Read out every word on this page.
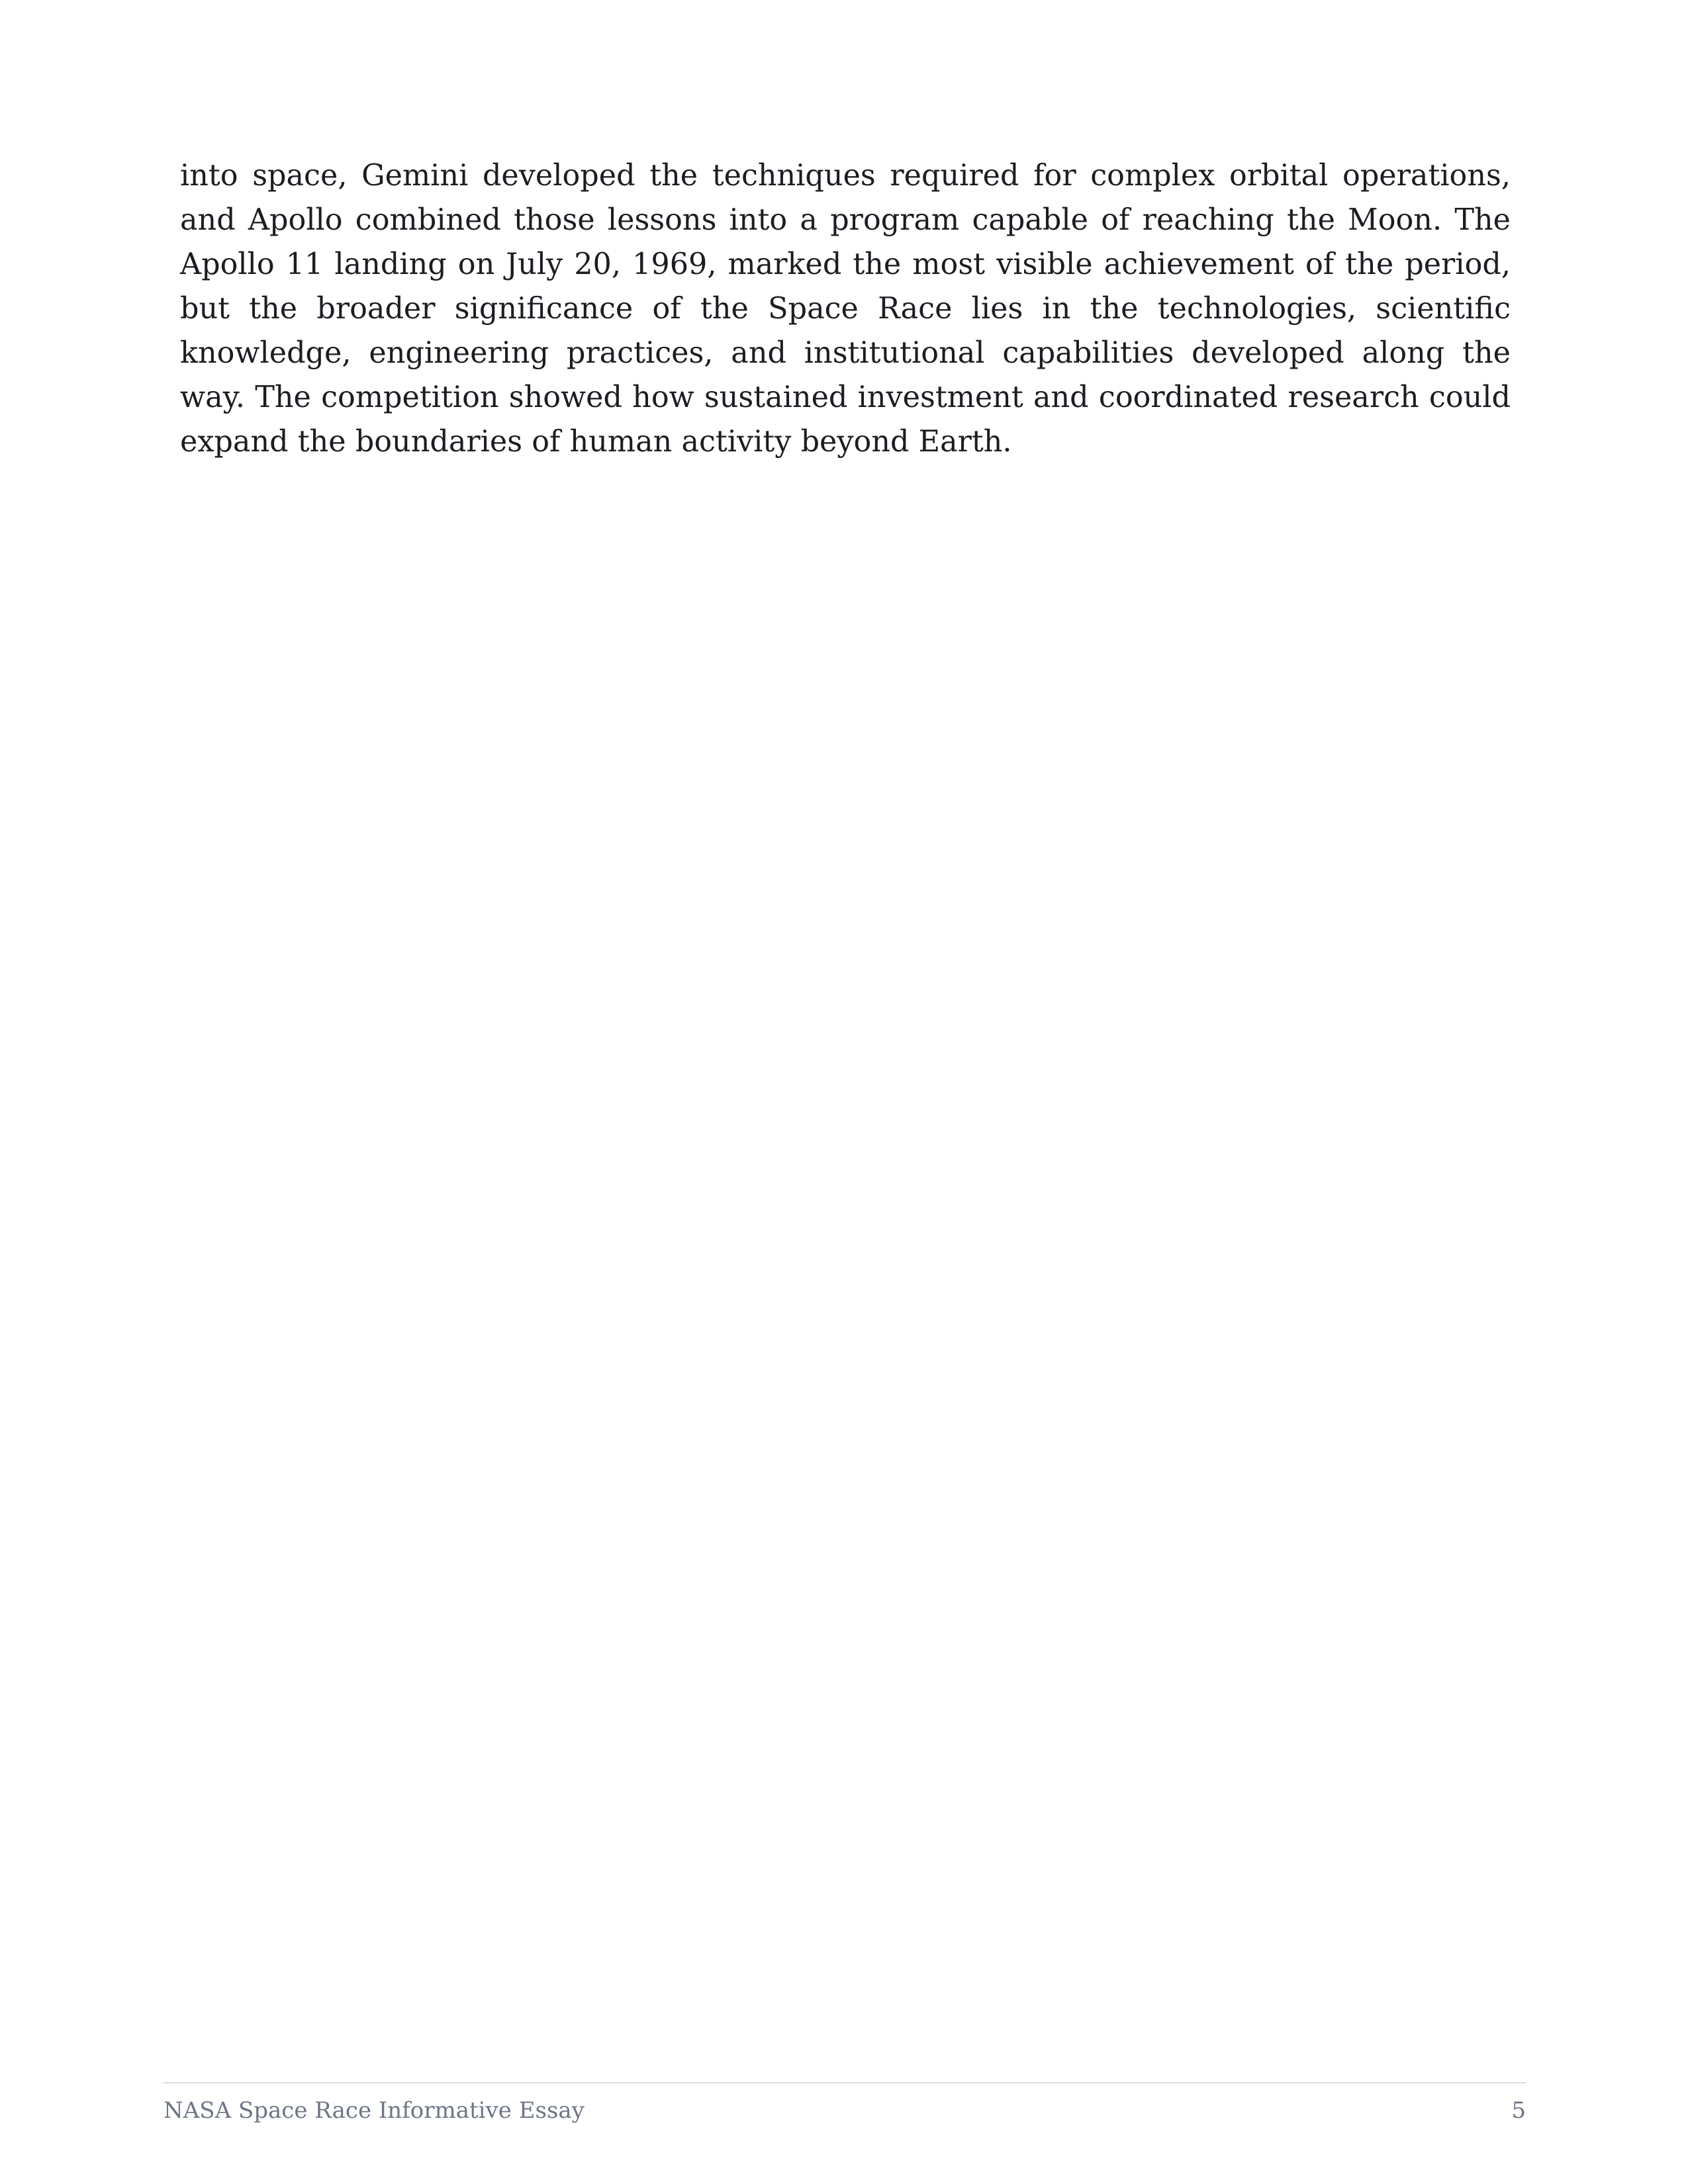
into space, Gemini developed the techniques required for complex orbital operations, and Apollo combined those lessons into a program capable of reaching the Moon. The Apollo 11 landing on July 20, 1969, marked the most visible achievement of the period, but the broader significance of the Space Race lies in the technologies, scientific knowledge, engineering practices, and institutional capabilities developed along the way. The competition showed how sustained investment and coordinated research could expand the boundaries of human activity beyond Earth.

NASA Space Race Informative Essay	5
